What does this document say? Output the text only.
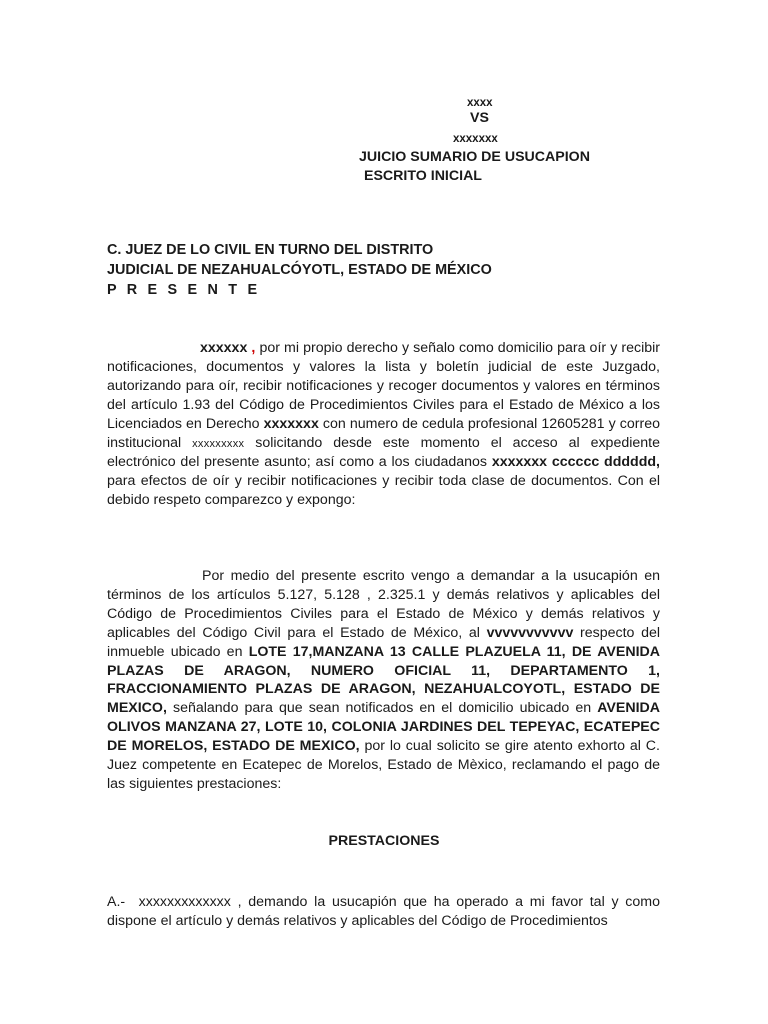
xxxx
VS
xxxxxxx
JUICIO SUMARIO DE USUCAPION
ESCRITO INICIAL
C. JUEZ DE LO CIVIL EN TURNO DEL DISTRITO
JUDICIAL DE NEZAHUALCÓYOTL, ESTADO DE MÉXICO
P R E S E N T E
xxxxxx , por mi propio derecho y señalo como domicilio para oír y recibir notificaciones, documentos y valores la lista y boletín judicial de este Juzgado, autorizando para oír, recibir notificaciones y recoger documentos y valores en términos del artículo 1.93 del Código de Procedimientos Civiles para el Estado de México a los Licenciados en Derecho xxxxxxx con numero de cedula profesional 12605281 y correo institucional xxxxxxxxx solicitando desde este momento el acceso al expediente electrónico del presente asunto; así como a los ciudadanos xxxxxxx cccccc dddddd, para efectos de oír y recibir notificaciones y recibir toda clase de documentos. Con el debido respeto comparezco y expongo:
Por medio del presente escrito vengo a demandar a la usucapión en términos de los artículos 5.127, 5.128 , 2.325.1 y demás relativos y aplicables del Código de Procedimientos Civiles para el Estado de México y demás relativos y aplicables del Código Civil para el Estado de México, al vvvvvvvvvvv respecto del inmueble ubicado en LOTE 17,MANZANA 13 CALLE PLAZUELA 11, DE AVENIDA PLAZAS DE ARAGON, NUMERO OFICIAL 11, DEPARTAMENTO 1, FRACCIONAMIENTO PLAZAS DE ARAGON, NEZAHUALCOYOTL, ESTADO DE MEXICO, señalando para que sean notificados en el domicilio ubicado en AVENIDA OLIVOS MANZANA 27, LOTE 10, COLONIA JARDINES DEL TEPEYAC, ECATEPEC DE MORELOS, ESTADO DE MEXICO, por lo cual solicito se gire atento exhorto al C. Juez competente en Ecatepec de Morelos, Estado de Mèxico, reclamando el pago de las siguientes prestaciones:
PRESTACIONES
A.- xxxxxxxxxxxxx , demando la usucapión que ha operado a mi favor tal y como dispone el artículo y demás relativos y aplicables del Código de Procedimientos
